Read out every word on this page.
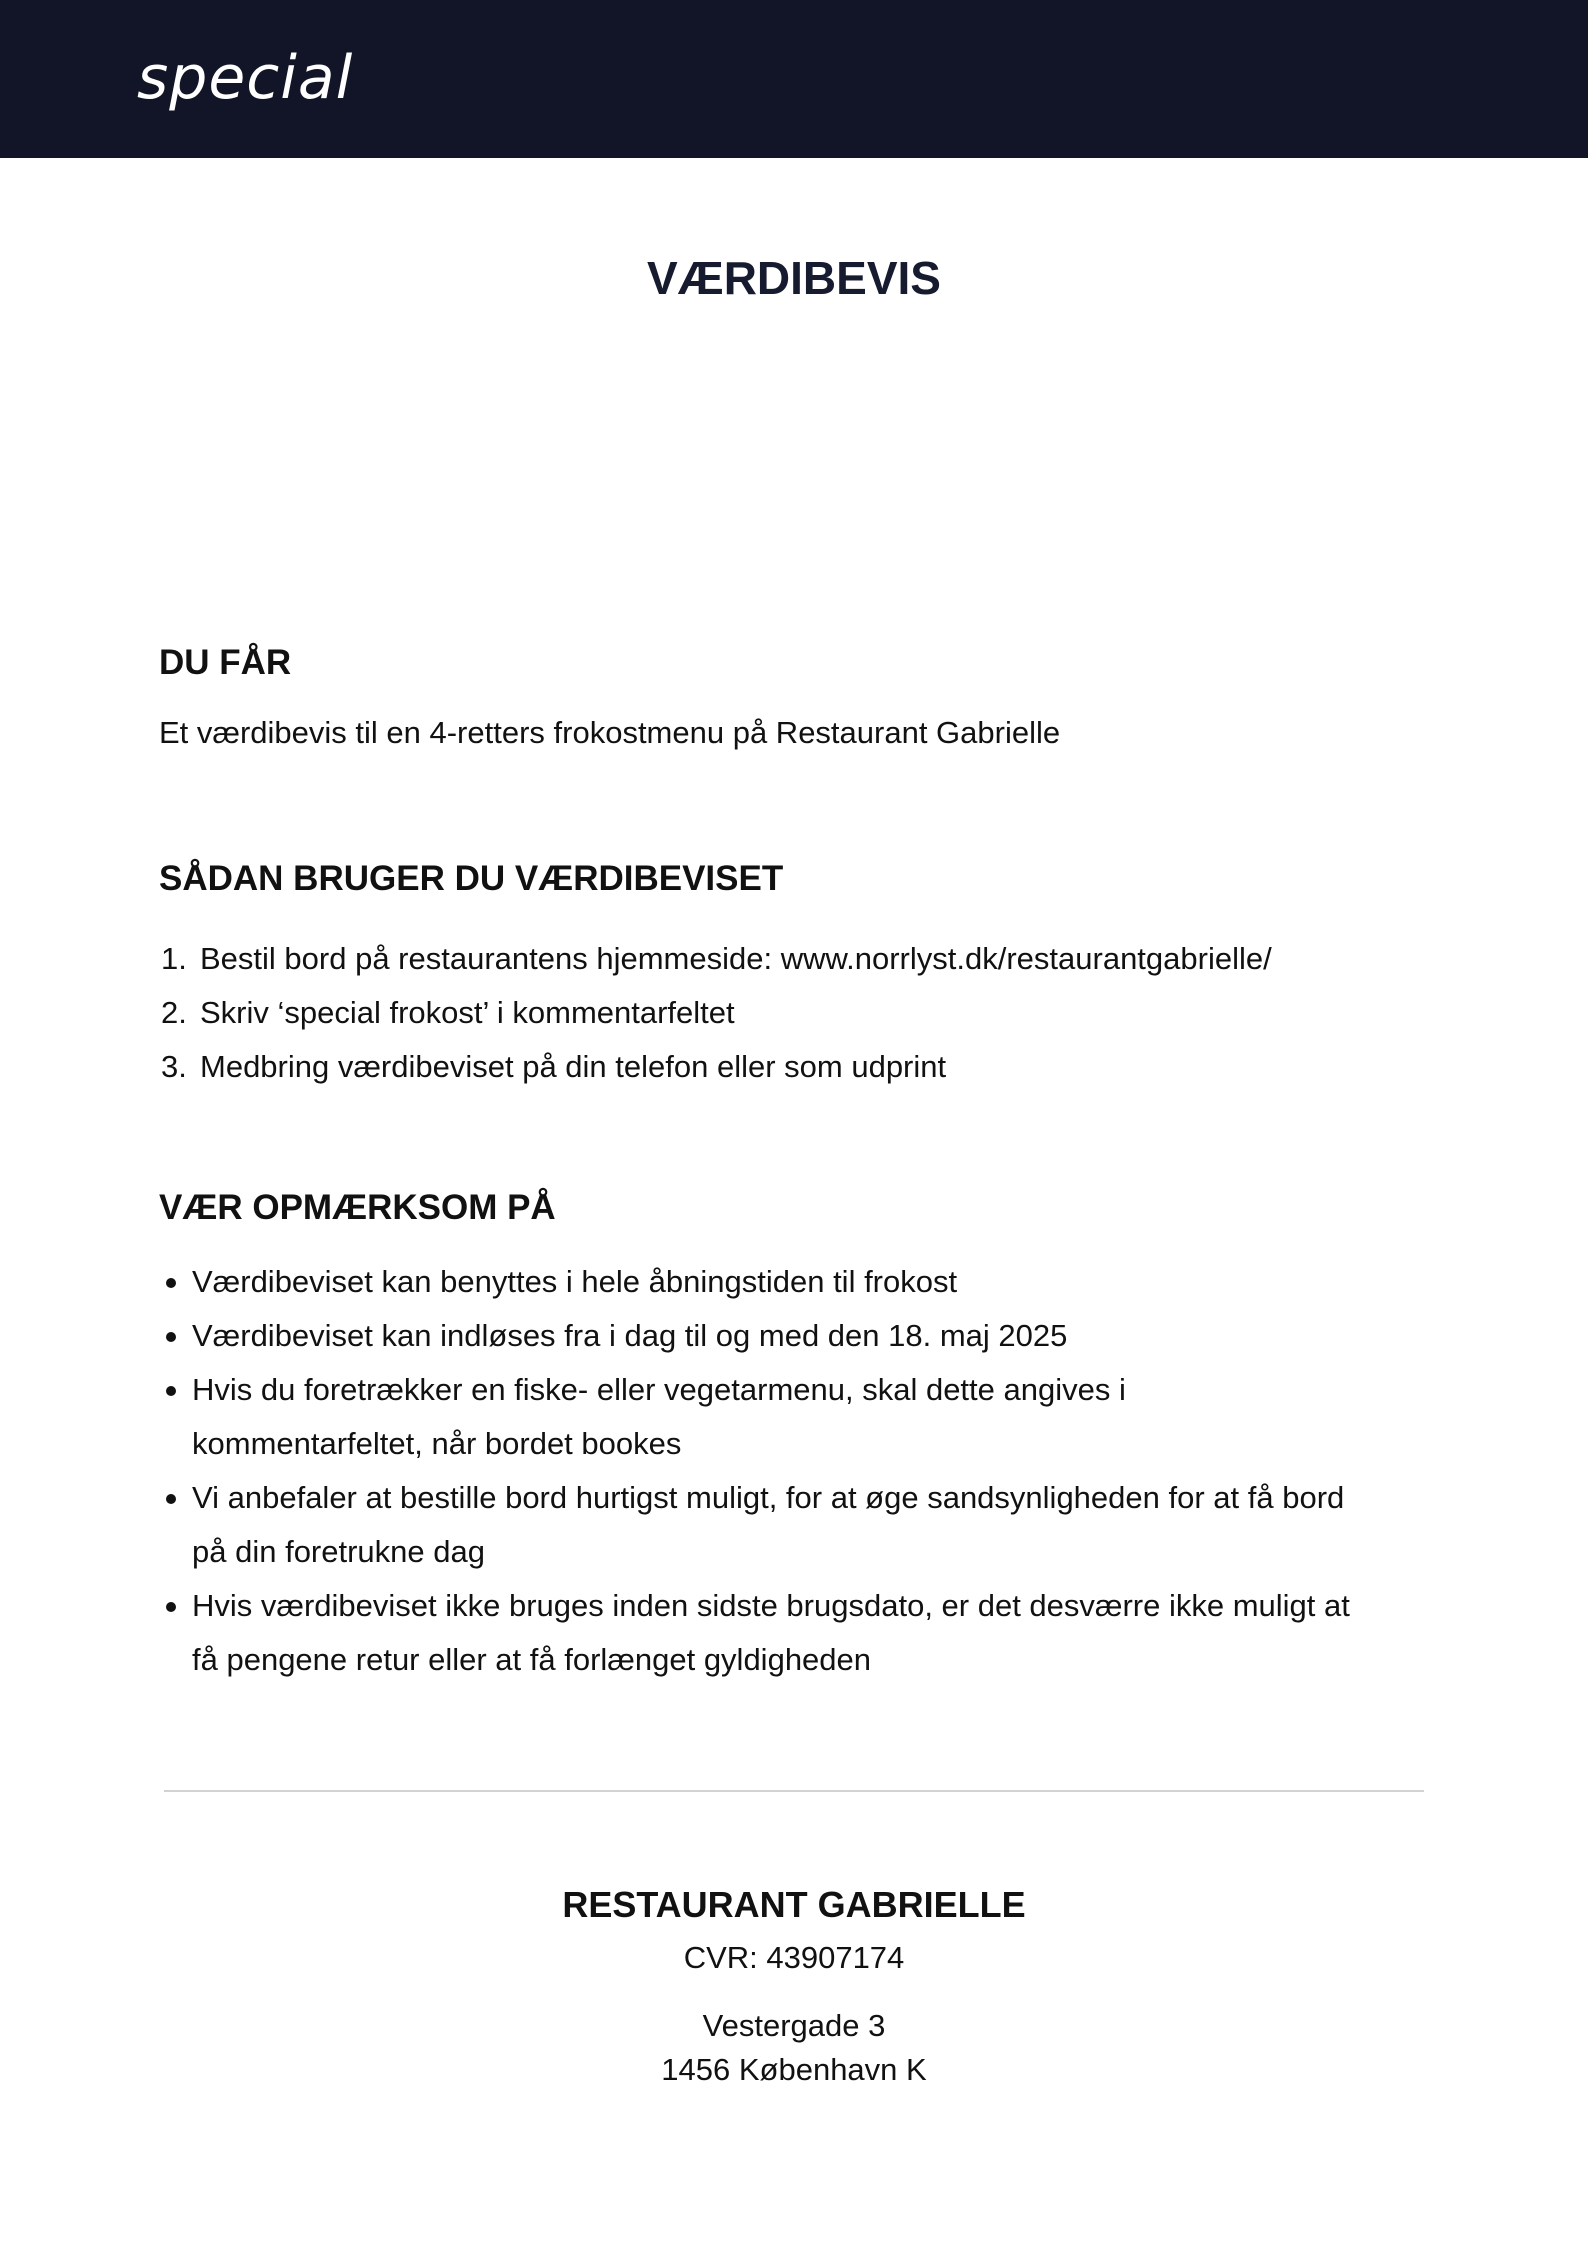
special
VÆRDIBEVIS
DU FÅR

Et værdibevis til en 4-retters frokostmenu på Restaurant Gabrielle

SÅDAN BRUGER DU VÆRDIBEVISET
1. Bestil bord på restaurantens hjemmeside: www.norrlyst.dk/restaurantgabrielle/
2. Skriv ‘special frokost’ i kommentarfeltet
3. Medbring værdibeviset på din telefon eller som udprint
VÆR OPMÆRKSOM PÅ
Værdibeviset kan benyttes i hele åbningstiden til frokost
Værdibeviset kan indløses fra i dag til og med den 18. maj 2025
Hvis du foretrækker en fiske- eller vegetarmenu, skal dette angives i kommentarfeltet, når bordet bookes
Vi anbefaler at bestille bord hurtigst muligt, for at øge sandsynligheden for at få bord på din foretrukne dag
Hvis værdibeviset ikke bruges inden sidste brugsdato, er det desværre ikke muligt at få pengene retur eller at få forlænget gyldigheden
RESTAURANT GABRIELLE
CVR: 43907174
Vestergade 3
1456 København K
